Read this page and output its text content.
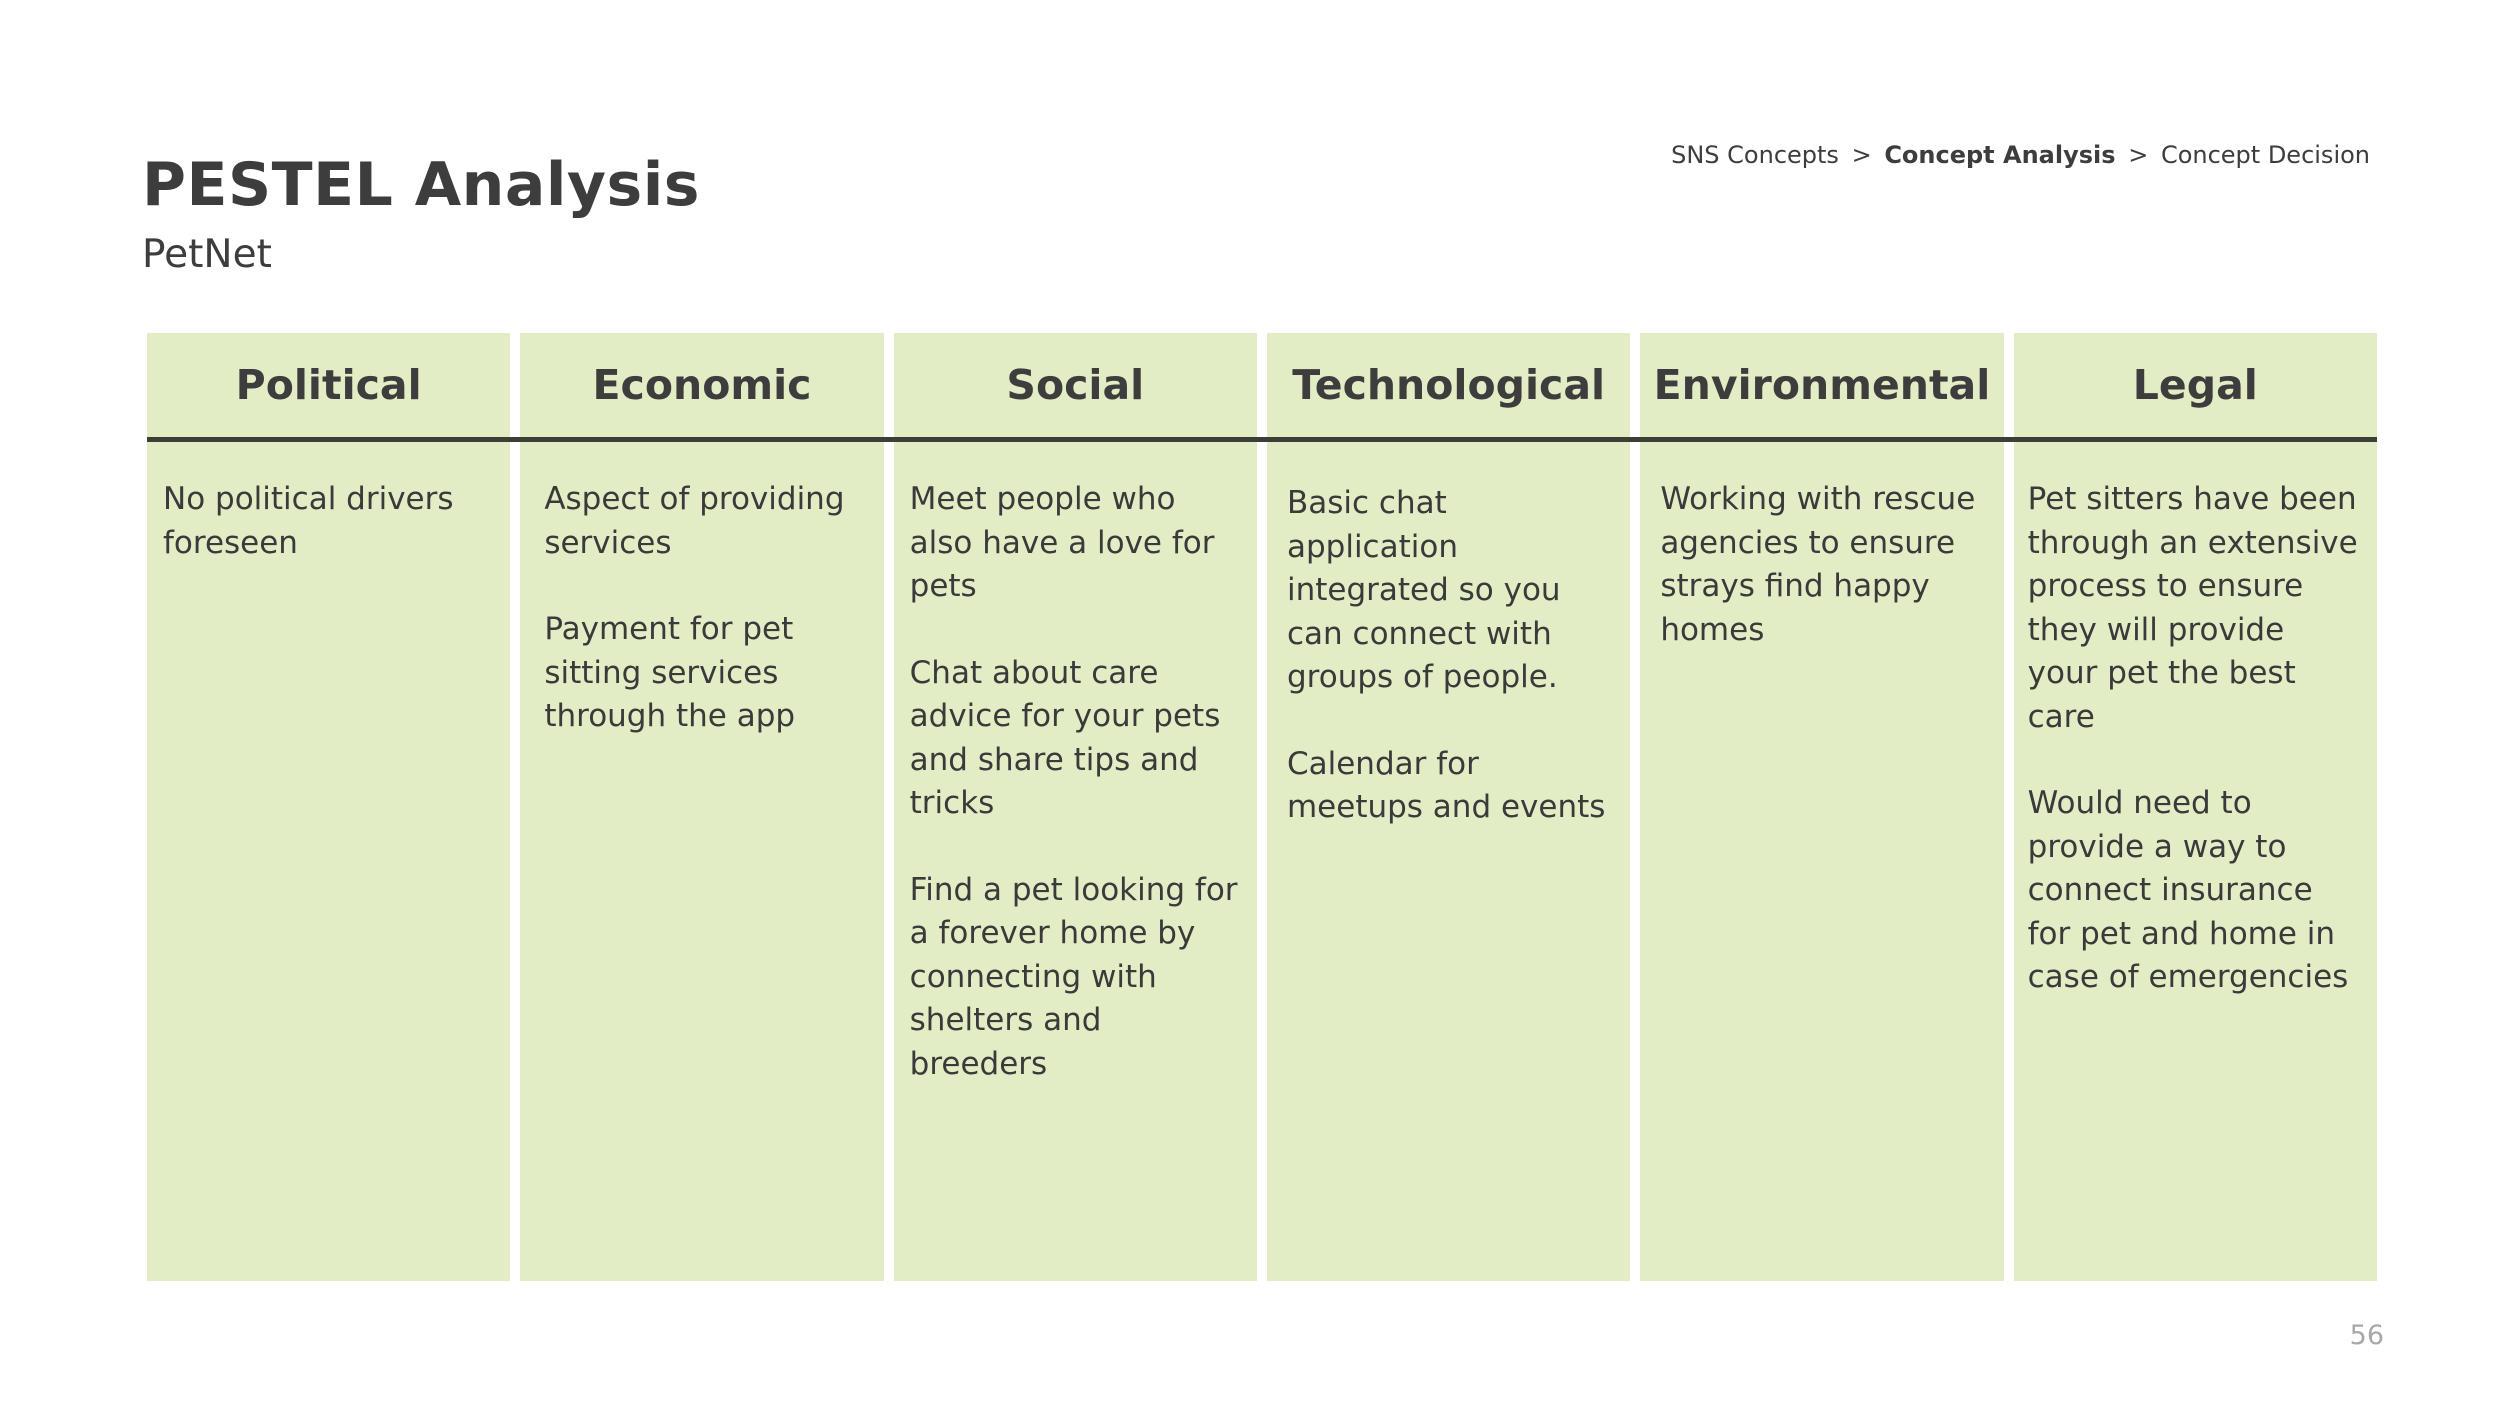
PESTEL Analysis
PetNet
SNS Concepts > Concept Analysis > Concept Decision
Political

No political drivers foreseen

Economic

Aspect of providing services

Payment for pet sitting services through the app

Social

Meet people who also have a love for pets

Chat about care advice for your pets and share tips and tricks

Find a pet looking for a forever home by connecting with shelters and breeders

Technological

Basic chat application integrated so you can connect with groups of people.

Calendar for meetups and events

Environmental

Working with rescue agencies to ensure strays find happy homes

Legal

Pet sitters have been through an extensive process to ensure they will provide your pet the best care

Would need to provide a way to connect insurance for pet and home in case of emergencies

56
